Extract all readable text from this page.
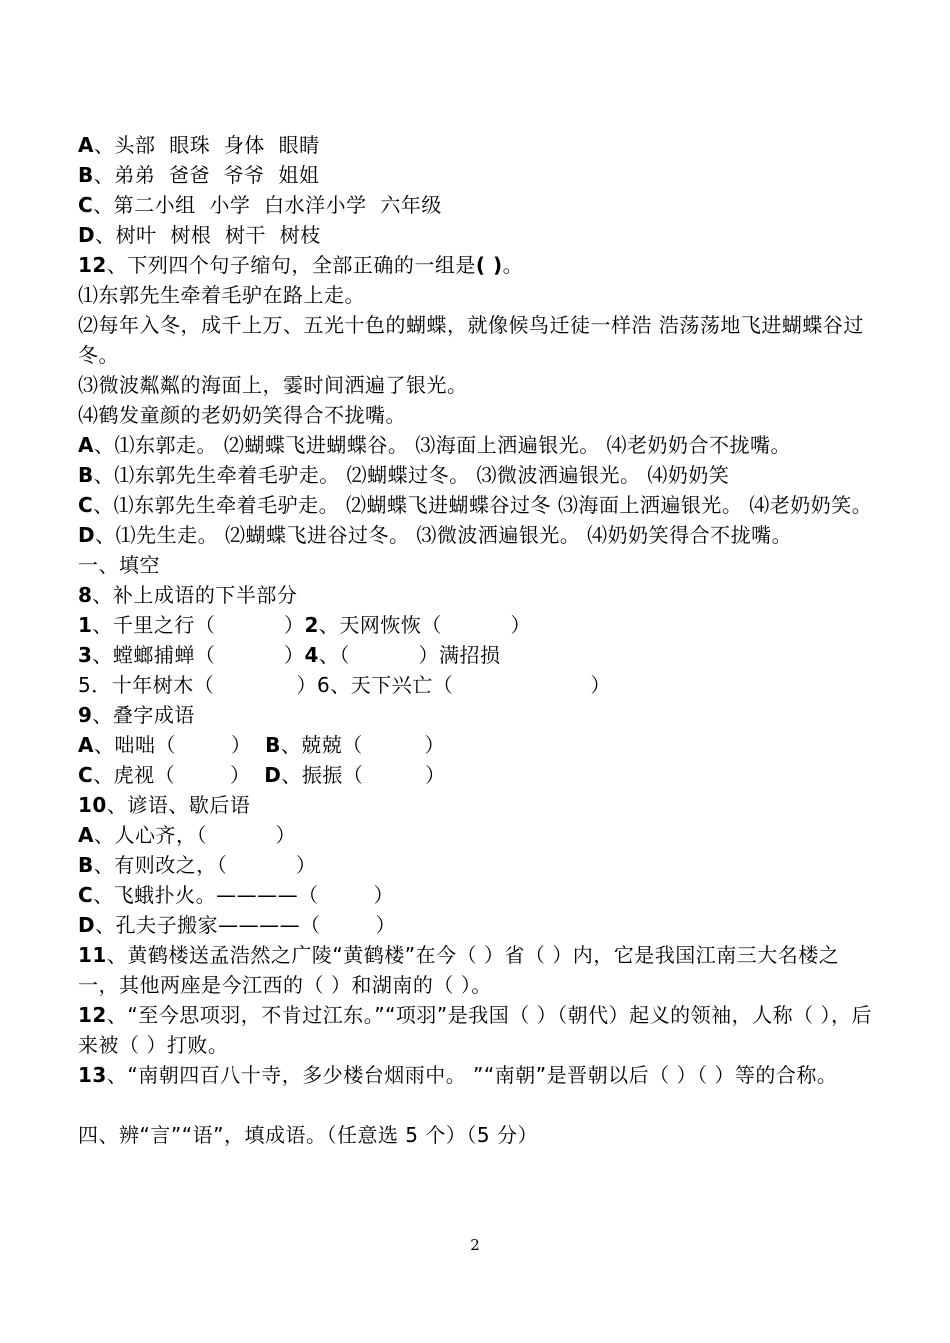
A、头部  眼珠  身体  眼睛
B、弟弟  爸爸  爷爷  姐姐
C、第二小组  小学  白水洋小学  六年级
D、树叶  树根  树干  树枝
12、下列四个句子缩句，全部正确的一组是( )。
⑴东郭先生牵着毛驴在路上走。
⑵每年入冬，成千上万、五光十色的蝴蝶，就像候鸟迁徒一样浩 浩荡荡地飞进蝴蝶谷过冬。
⑶微波粼粼的海面上，霎时间洒遍了银光。
⑷鹤发童颜的老奶奶笑得合不拢嘴。
A、⑴东郭走。 ⑵蝴蝶飞进蝴蝶谷。 ⑶海面上洒遍银光。 ⑷老奶奶合不拢嘴。
B、⑴东郭先生牵着毛驴走。 ⑵蝴蝶过冬。 ⑶微波洒遍银光。 ⑷奶奶笑
C、⑴东郭先生牵着毛驴走。 ⑵蝴蝶飞进蝴蝶谷过冬 ⑶海面上洒遍银光。 ⑷老奶奶笑。
D、⑴先生走。 ⑵蝴蝶飞进谷过冬。 ⑶微波洒遍银光。 ⑷奶奶笑得合不拢嘴。
一、填空
8、补上成语的下半部分
1、千里之行（          ）2、天网恢恢（          ）
3、螳螂捕蝉（          ）4、（          ）满招损
5．十年树木（            ）6、天下兴亡（                    ）
9、叠字成语
A、咄咄（        ）  B、兢兢（         ）
C、虎视（        ）  D、振振（         ）
10、谚语、歇后语
A、人心齐，（          ）
B、有则改之，（          ）
C、飞蛾扑火。————（        ）
D、孔夫子搬家————（        ）
11、黄鹤楼送孟浩然之广陵“黄鹤楼”在今（ ）省（ ）内，它是我国江南三大名楼之一，其他两座是今江西的（ ）和湖南的（ ）。
12、“至今思项羽，不肯过江东。”“项羽”是我国（ ）（朝代）起义的领袖，人称（ ），后来被（ ）打败。
13、“南朝四百八十寺，多少楼台烟雨中。 ”“南朝”是晋朝以后（ ）（ ）等的合称。
四、辨“言”“语”，填成语。（任意选 5 个）（5 分）
2
